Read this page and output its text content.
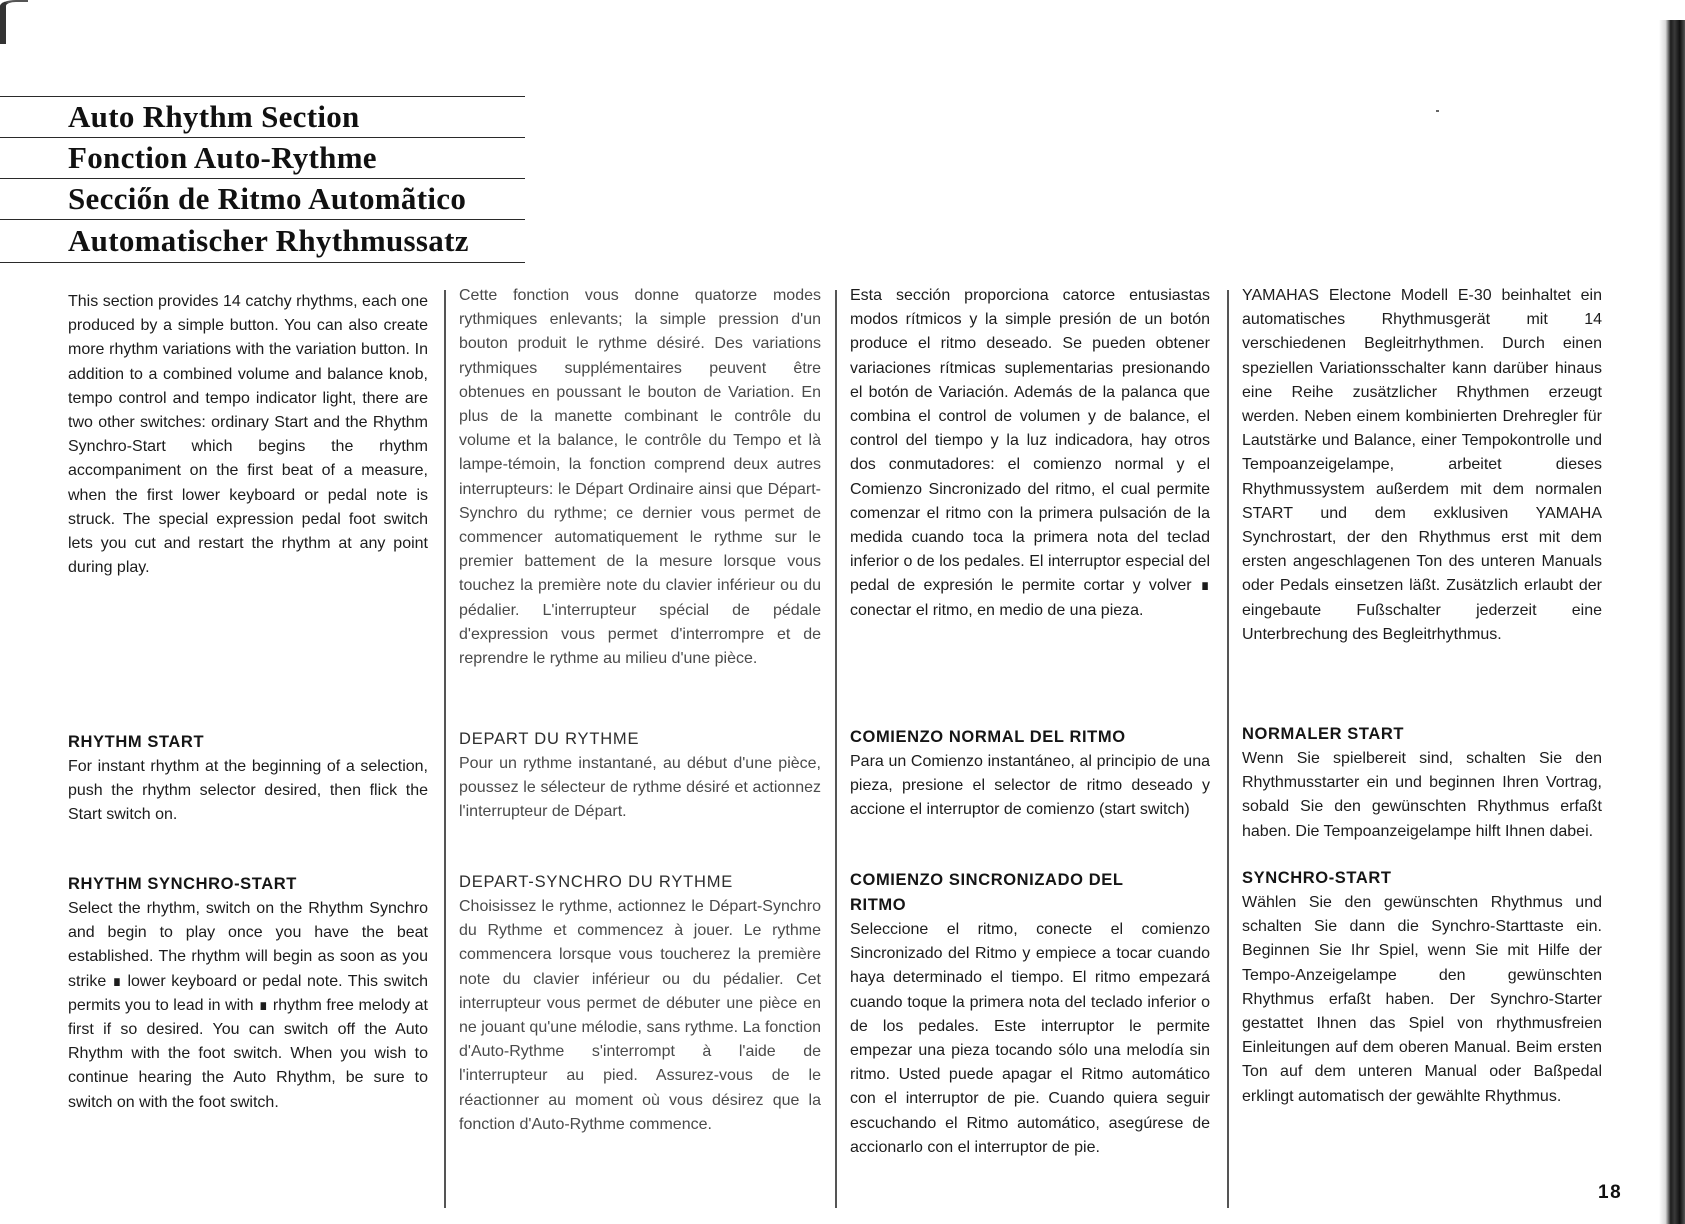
Auto Rhythm Section
Fonction Auto-Rythme
Secciőn de Ritmo Automãtico
Automatischer Rhythmussatz

This section provides 14 catchy rhythms, each one produced by a simple button. You can also create more rhythm variations with the variation button. In addition to a combined volume and balance knob, tempo control and tempo indicator light, there are two other switches: ordinary Start and the Rhythm Synchro-Start which begins the rhythm accompaniment on the first beat of a measure, when the first lower keyboard or pedal note is struck. The special expression pedal foot switch lets you cut and restart the rhythm at any point during play.

RHYTHM START

For instant rhythm at the beginning of a selection, push the rhythm selector desired, then flick the Start switch on.

RHYTHM SYNCHRO-START

Select the rhythm, switch on the Rhythm Synchro and begin to play once you have the beat established. The rhythm will begin as soon as you strike ∎ lower keyboard or pedal note. This switch permits you to lead in with ∎ rhythm free melody at first if so desired. You can switch off the Auto Rhythm with the foot switch. When you wish to continue hearing the Auto Rhythm, be sure to switch on with the foot switch.

Cette fonction vous donne quatorze modes rythmiques enlevants; la simple pression d'un bouton produit le rythme désiré. Des variations rythmiques supplémentaires peuvent être obtenues en poussant le bouton de Variation. En plus de la manette combinant le contrôle du volume et la balance, le contrôle du Tempo et là lampe-témoin, la fonction comprend deux autres interrupteurs: le Départ Ordinaire ainsi que Départ-Synchro du rythme; ce dernier vous permet de commencer automatiquement le rythme sur le premier battement de la mesure lorsque vous touchez la première note du clavier inférieur ou du pédalier. L'interrupteur spécial de pédale d'expression vous permet d'interrompre et de reprendre le rythme au milieu d'une pièce.

DEPART DU RYTHME

Pour un rythme instantané, au début d'une pièce, poussez le sélecteur de rythme désiré et actionnez l'interrupteur de Départ.

DEPART-SYNCHRO DU RYTHME

Choisissez le rythme, actionnez le Départ-Synchro du Rythme et commencez à jouer. Le rythme commencera lorsque vous toucherez la première note du clavier inférieur ou du pédalier. Cet interrupteur vous permet de débuter une pièce en ne jouant qu'une mélodie, sans rythme. La fonction d'Auto-Rythme s'interrompt à l'aide de l'interrupteur au pied. Assurez-vous de le réactionner au moment où vous désirez que la fonction d'Auto-Rythme commence.

Esta sección proporciona catorce entusiastas modos rítmicos y la simple presión de un botón produce el ritmo deseado. Se pueden obtener variaciones rítmicas suplementarias presionando el botón de Variación. Además de la palanca que combina el control de volumen y de balance, el control del tiempo y la luz indicadora, hay otros dos conmutadores: el comienzo normal y el Comienzo Sincronizado del ritmo, el cual permite comenzar el ritmo con la primera pulsación de la medida cuando toca la primera nota del teclad inferior o de los pedales. El interruptor especial del pedal de expresión le permite cortar y volver ∎ conectar el ritmo, en medio de una pieza.

COMIENZO NORMAL DEL RITMO

Para un Comienzo instantáneo, al principio de una pieza, presione el selector de ritmo deseado y accione el interruptor de comienzo (start switch)

COMIENZO SINCRONIZADO DEL RITMO

Seleccione el ritmo, conecte el comienzo Sincronizado del Ritmo y empiece a tocar cuando haya determinado el tiempo. El ritmo empezará cuando toque la primera nota del teclado inferior o de los pedales. Este interruptor le permite empezar una pieza tocando sólo una melodía sin ritmo. Usted puede apagar el Ritmo automático con el interruptor de pie. Cuando quiera seguir escuchando el Ritmo automático, asegúrese de accionarlo con el interruptor de pie.

YAMAHAS Electone Modell E-30 beinhaltet ein automatisches Rhythmusgerät mit 14 verschiedenen Begleitrhythmen. Durch einen speziellen Variationsschalter kann darüber hinaus eine Reihe zusätzlicher Rhythmen erzeugt werden. Neben einem kombinierten Drehregler für Lautstärke und Balance, einer Tempokontrolle und Tempoanzeigelampe, arbeitet dieses Rhythmussystem außerdem mit dem normalen START und dem exklusiven YAMAHA Synchrostart, der den Rhythmus erst mit dem ersten angeschlagenen Ton des unteren Manuals oder Pedals einsetzen läßt. Zusätzlich erlaubt der eingebaute Fußschalter jederzeit eine Unterbrechung des Begleitrhythmus.

NORMALER START

Wenn Sie spielbereit sind, schalten Sie den Rhythmusstarter ein und beginnen Ihren Vortrag, sobald Sie den gewünschten Rhythmus erfaßt haben. Die Tempoanzeigelampe hilft Ihnen dabei.

SYNCHRO-START

Wählen Sie den gewünschten Rhythmus und schalten Sie dann die Synchro-Starttaste ein. Beginnen Sie Ihr Spiel, wenn Sie mit Hilfe der Tempo-Anzeigelampe den gewünschten Rhythmus erfaßt haben. Der Synchro-Starter gestattet Ihnen das Spiel von rhythmusfreien Einleitungen auf dem oberen Manual. Beim ersten Ton auf dem unteren Manual oder Baßpedal erklingt automatisch der gewählte Rhythmus.

18
